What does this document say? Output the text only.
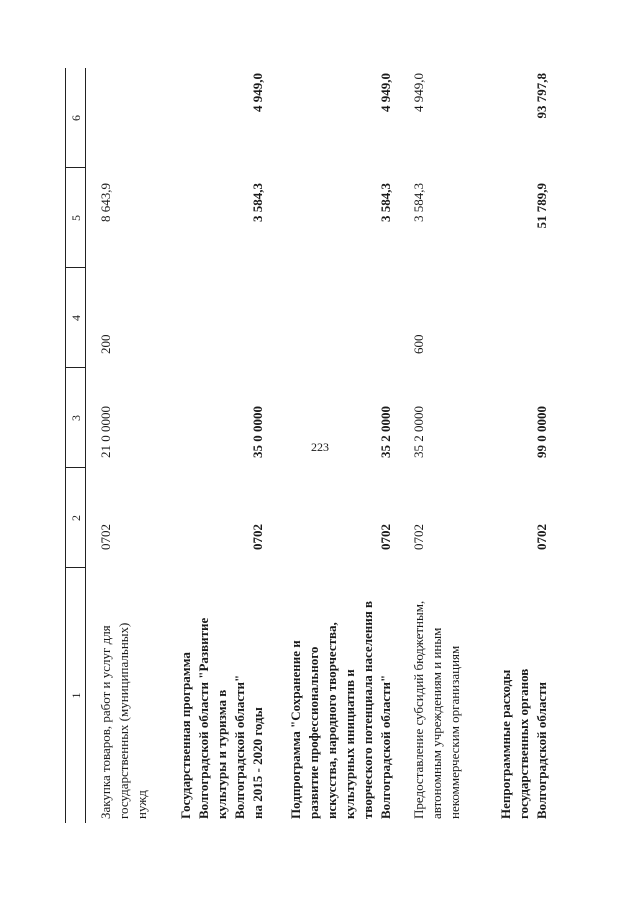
223
1
2
3
4
5
6
Закупка товаров, работ и услуг для государственных (муниципальных) нужд
0702
21 0 0000
200
8 643,9
Государственная программа Волгоградской области "Развитие культуры и туризма в Волгоградской области" на 2015 - 2020 годы
0702
35 0 0000
3 584,3
4 949,0
Подпрограмма "Сохранение и развитие профессионального искусства, народного творчества, культурных инициатив и творческого потенциала населения в Волгоградской области"
0702
35 2 0000
3 584,3
4 949,0
Предоставление субсидий бюджетным, автономным учреждениям и иным некоммерческим организациям
0702
35 2 0000
600
3 584,3
4 949,0
Непрограммные расходы государственных органов Волгоградской области
0702
99 0 0000
51 789,9
93 797,8
